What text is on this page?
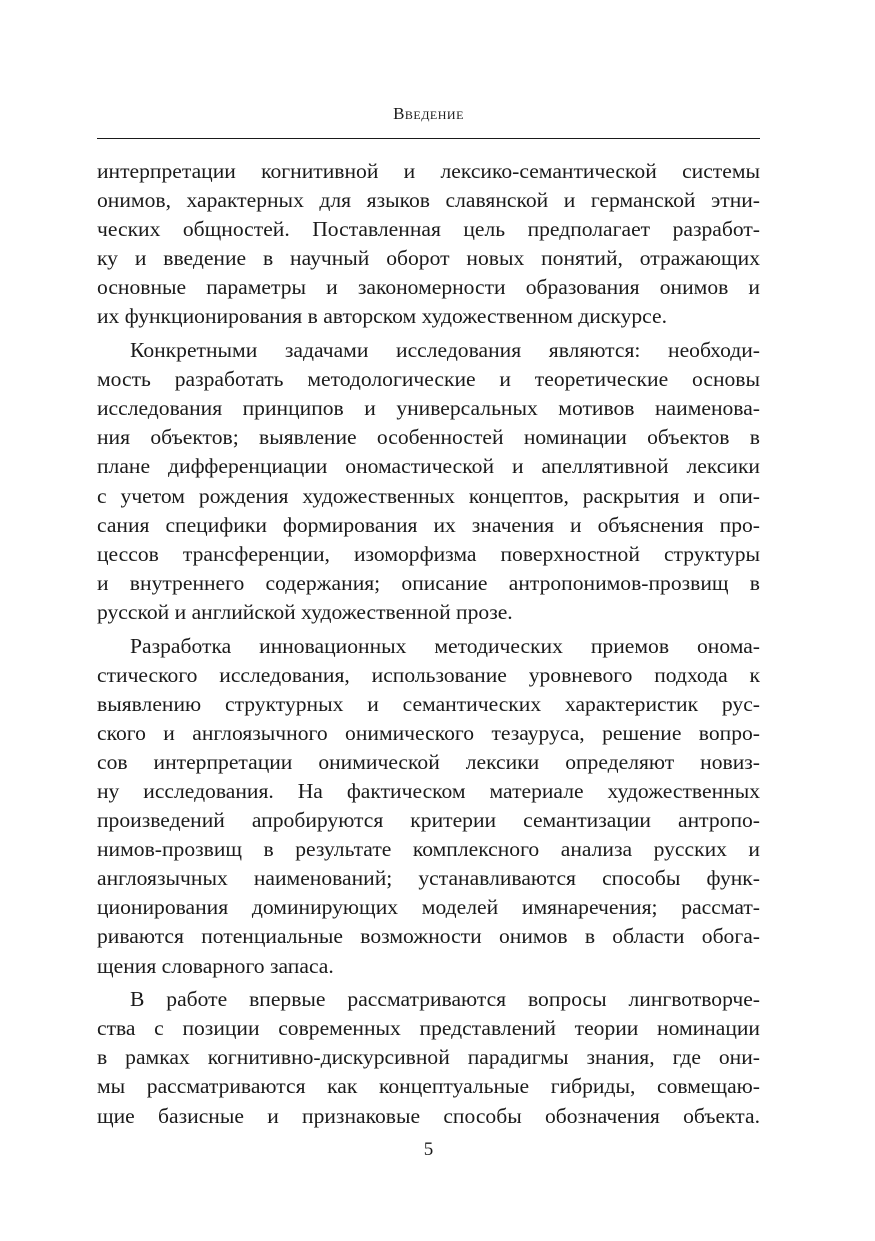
Введение
интерпретации когнитивной и лексико-семантической системы
онимов, характерных для языков славянской и германской этни-
ческих общностей. Поставленная цель предполагает разработ-
ку и введение в научный оборот новых понятий, отражающих
основные параметры и закономерности образования онимов и
их функционирования в авторском художественном дискурсе.
Конкретными задачами исследования являются: необходи-
мость разработать методологические и теоретические основы
исследования принципов и универсальных мотивов наименова-
ния объектов; выявление особенностей номинации объектов в
плане дифференциации ономастической и апеллятивной лексики
с учетом рождения художественных концептов, раскрытия и опи-
сания специфики формирования их значения и объяснения про-
цессов трансференции, изоморфизма поверхностной структуры
и внутреннего содержания; описание антропонимов-прозвищ в
русской и английской художественной прозе.
Разработка инновационных методических приемов онома-
стического исследования, использование уровневого подхода к
выявлению структурных и семантических характеристик рус-
ского и англоязычного онимического тезауруса, решение вопро-
сов интерпретации онимической лексики определяют новиз-
ну исследования. На фактическом материале художественных
произведений апробируются критерии семантизации антропо-
нимов-прозвищ в результате комплексного анализа русских и
англоязычных наименований; устанавливаются способы функ-
ционирования доминирующих моделей имянаречения; рассмат-
риваются потенциальные возможности онимов в области обога-
щения словарного запаса.
В работе впервые рассматриваются вопросы лингвотворче-
ства с позиции современных представлений теории номинации
в рамках когнитивно-дискурсивной парадигмы знания, где они-
мы рассматриваются как концептуальные гибриды, совмещаю-
щие базисные и признаковые способы обозначения объекта.
5
